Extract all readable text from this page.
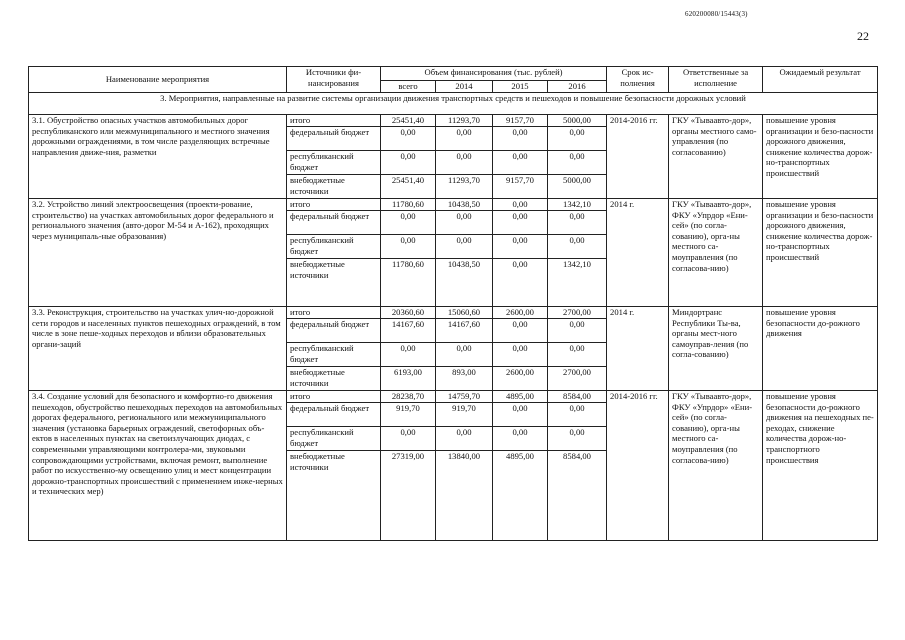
620200080/15443(3)
22
Наименование мероприятия	Источники фи-нансирования	Объем финансирования (тыс. рублей)				Срок ис-полнения	Ответственные за исполнение	Ожидаемый результат
		всего	2014	2015	2016			
3. Мероприятия, направленные на развитие системы организации движения транспортных средств и пешеходов и повышение безопасности дорожных условий								
3.1. Обустройство опасных участков автомобильных дорог республиканского или межмуниципального и местного значения дорожными ограждениями, в том числе разделяющих встречные направления движе-ния, разметки	итого	25451,40	11293,70	9157,70	5000,00	2014-2016 гг.	ГКУ «Тываавто-дор», органы местного само-управления (по согласованию)	повышение уровня организации и безо-пасности дорожного движения, снижение количества дорож-но-транспортных происшествий
	федеральный бюджет	0,00	0,00	0,00	0,00			
	республиканский бюджет	0,00	0,00	0,00	0,00			
	внебюджетные источники	25451,40	11293,70	9157,70	5000,00			
3.2. Устройство линий электроосвещения (проекти-рование, строительство) на участках автомобильных дорог федерального и регионального значения (авто-дорог М-54 и А-162), проходящих через муниципаль-ные образования)	итого	11780,60	10438,50	0,00	1342,10	2014 г.	ГКУ «Тываавто-дор», ФКУ «Упрдор «Ени-сей» (по согла-сованию), орга-ны местного са-моуправления (по согласова-нию)	повышение уровня организации и безо-пасности дорожного движения, снижение количества дорож-но-транспортных происшествий
	федеральный бюджет	0,00	0,00	0,00	0,00			
	республиканский бюджет	0,00	0,00	0,00	0,00			
	внебюджетные источники	11780,60	10438,50	0,00	1342,10			
3.3. Реконструкция, строительство на участках улич-но-дорожной сети городов и населенных пунктов пешеходных ограждений, в том числе в зоне пеше-ходных переходов и вблизи образовательных органи-заций	итого	20360,60	15060,60	2600,00	2700,00	2014 г.	Миндортранс Республики Ты-ва, органы мест-ного самоуправ-ления (по согла-сованию)	повышение уровня безопасности до-рожного движения
	федеральный бюджет	14167,60	14167,60	0,00	0,00			
	республиканский бюджет	0,00	0,00	0,00	0,00			
	внебюджетные источники	6193,00	893,00	2600,00	2700,00			
3.4. Создание условий для безопасного и комфортно-го движения пешеходов, обустройство пешеходных переходов на автомобильных дорогах федерального, регионального или межмуниципального значения (установка барьерных ограждений, светофорных объ-ектов в населенных пунктах на светоизлучающих диодах, с современными управляющими контролера-ми, звуковыми сопровождающими устройствами, включая ремонт, выполнение работ по искусственно-му освещению улиц и мест концентрации дорожно-транспортных происшествий с применением инже-нерных и технических мер)	итого	28238,70	14759,70	4895,00	8584,00	2014-2016 гг.	ГКУ «Тываавто-дор», ФКУ «Упрдор» «Ени-сей» (по согла-сованию), орга-ны местного са-моуправления (по согласова-нию)	повышение уровня безопасности до-рожного движения на пешеходных пе-реходах, снижение количества дорож-но-транспортного происшествия
	федеральный бюджет	919,70	919,70	0,00	0,00			
	республиканский бюджет	0,00	0,00	0,00	0,00			
	внебюджетные источники	27319,00	13840,00	4895,00	8584,00			
